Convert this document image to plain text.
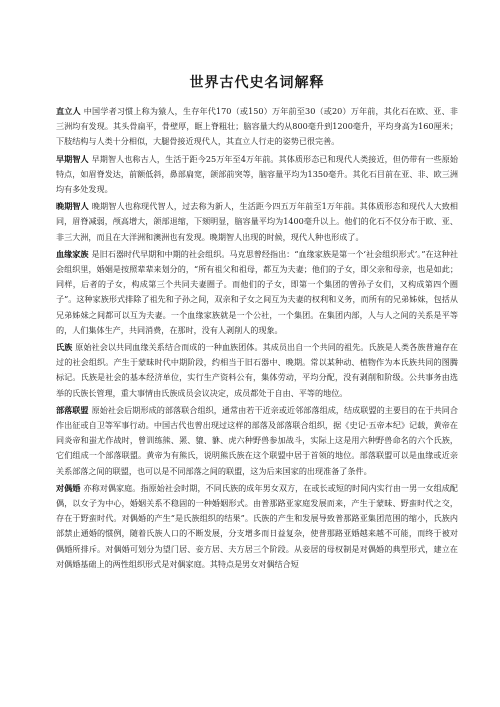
世界古代史名词解释

直立人 中国学者习惯上称为猿人，生存年代170（或150）万年前至30（或20）万年前，其化石在欧、亚、非三洲均有发现。其头骨扁平，骨壁厚，眶上脊粗壮；脑容量大约从800毫升到1200毫升，平均身高为160厘米；下肢结构与人类十分相似，大腿骨接近现代人，其直立人行走的姿势已很完善。

早期智人 早期智人也称古人，生活于距今25万年至4万年前。其体质形态已和现代人类接近，但仍带有一些原始特点，如眉脊发达，前额低斜，鼻部扁宽，颌部前突等，脑容量平均为1350毫升。其化石目前在亚、非、欧三洲均有多处发现。

晚期智人 晚期智人也称现代智人，过去称为新人，生活距今四五万年前至1万年前。其体质形态和现代人大致相同，眉脊减弱，颅高增大，颌部退缩，下颏明显，脑容量平均为1400毫升以上。他们的化石不仅分布于欧、亚、非三大洲，而且在大洋洲和澳洲也有发现。晚期智人出现的时候，现代人种也形成了。

血缘家族 是旧石器时代早期和中期的社会组织。马克思曾经指出：“血缘家族是第一个‘社会组织形式’。”在这种社会组织里，婚姻是按照辈辈来划分的，“所有祖父和祖母，都互为夫妻；他们的子女，即父亲和母亲，也是如此；同样，后者的子女，构成第三个共同夫妻圈子。而他们的子女，即第一个集团的曾孙子女们，又构成第四个圈子”。这种家族形式排除了祖先和子孙之间，双亲和子女之间互为夫妻的权利和义务，而所有的兄弟姊妹，包括从兄弟姊妹之间都可以互为夫妻。一个血缘家族就是一个公社，一个集团。在集团内部，人与人之间的关系是平等的，人们集体生产，共同消费，在那时，没有人剥削人的现象。

氏族 原始社会以共同血缘关系结合而成的一种血族团体。其成员出自一个共同的祖先。氏族是人类各族普遍存在过的社会组织。产生于蒙昧时代中期阶段，约相当于旧石器中、晚期。常以某种动、植物作为本氏族共同的图腾标记。氏族是社会的基本经济单位，实行生产资料公有，集体劳动，平均分配，没有剥削和阶级。公共事务由选举的氏族长管理，重大事情由氏族成员会议决定，成员都处于自由、平等的地位。

部落联盟 原始社会后期形成的部落联合组织，通常由若干近亲或近邻部落组成，结成联盟的主要目的在于共同合作出征或自卫等军事行动。中国古代也曾出现过这样的部落及部落联合组织，据《史记·五帝本纪》记载，黄帝在同炎帝和蚩尤作战时，曾训练熊、罴、貔、貅、虎六种野兽参加战斗，实际上这是用六种野兽命名的六个氏族，它们组成一个部落联盟。黄帝为有熊氏，说明熊氏族在这个联盟中居于首领的地位。部落联盟可以是血缘或近亲关系部落之间的联盟，也可以是不同部落之间的联盟，这为后来国家的出现准备了条件。

对偶婚 亦称对偶家庭。指原始社会时期，不同氏族的成年男女双方，在或长或短的时间内实行由一男一女组成配偶，以女子为中心，婚姻关系不稳固的一种婚姻形式。由普那路亚家庭发展而来，产生于蒙昧、野蛮时代之交，存在于野蛮时代。对偶婚的产生“是氏族组织的结果”。氏族的产生和发展导致普那路亚集团范围的缩小，氏族内部禁止通婚的惯例，随着氏族人口的不断发展，分支增多而日益复杂，使普那路亚婚越来越不可能，而终于被对偶婚所排斥。对偶婚可划分为望门居、妾方居、夫方居三个阶段。从妾居的母权制是对偶婚的典型形式，建立在对偶婚基础上的两性组织形式是对偶家庭。其特点是男女对偶结合短
